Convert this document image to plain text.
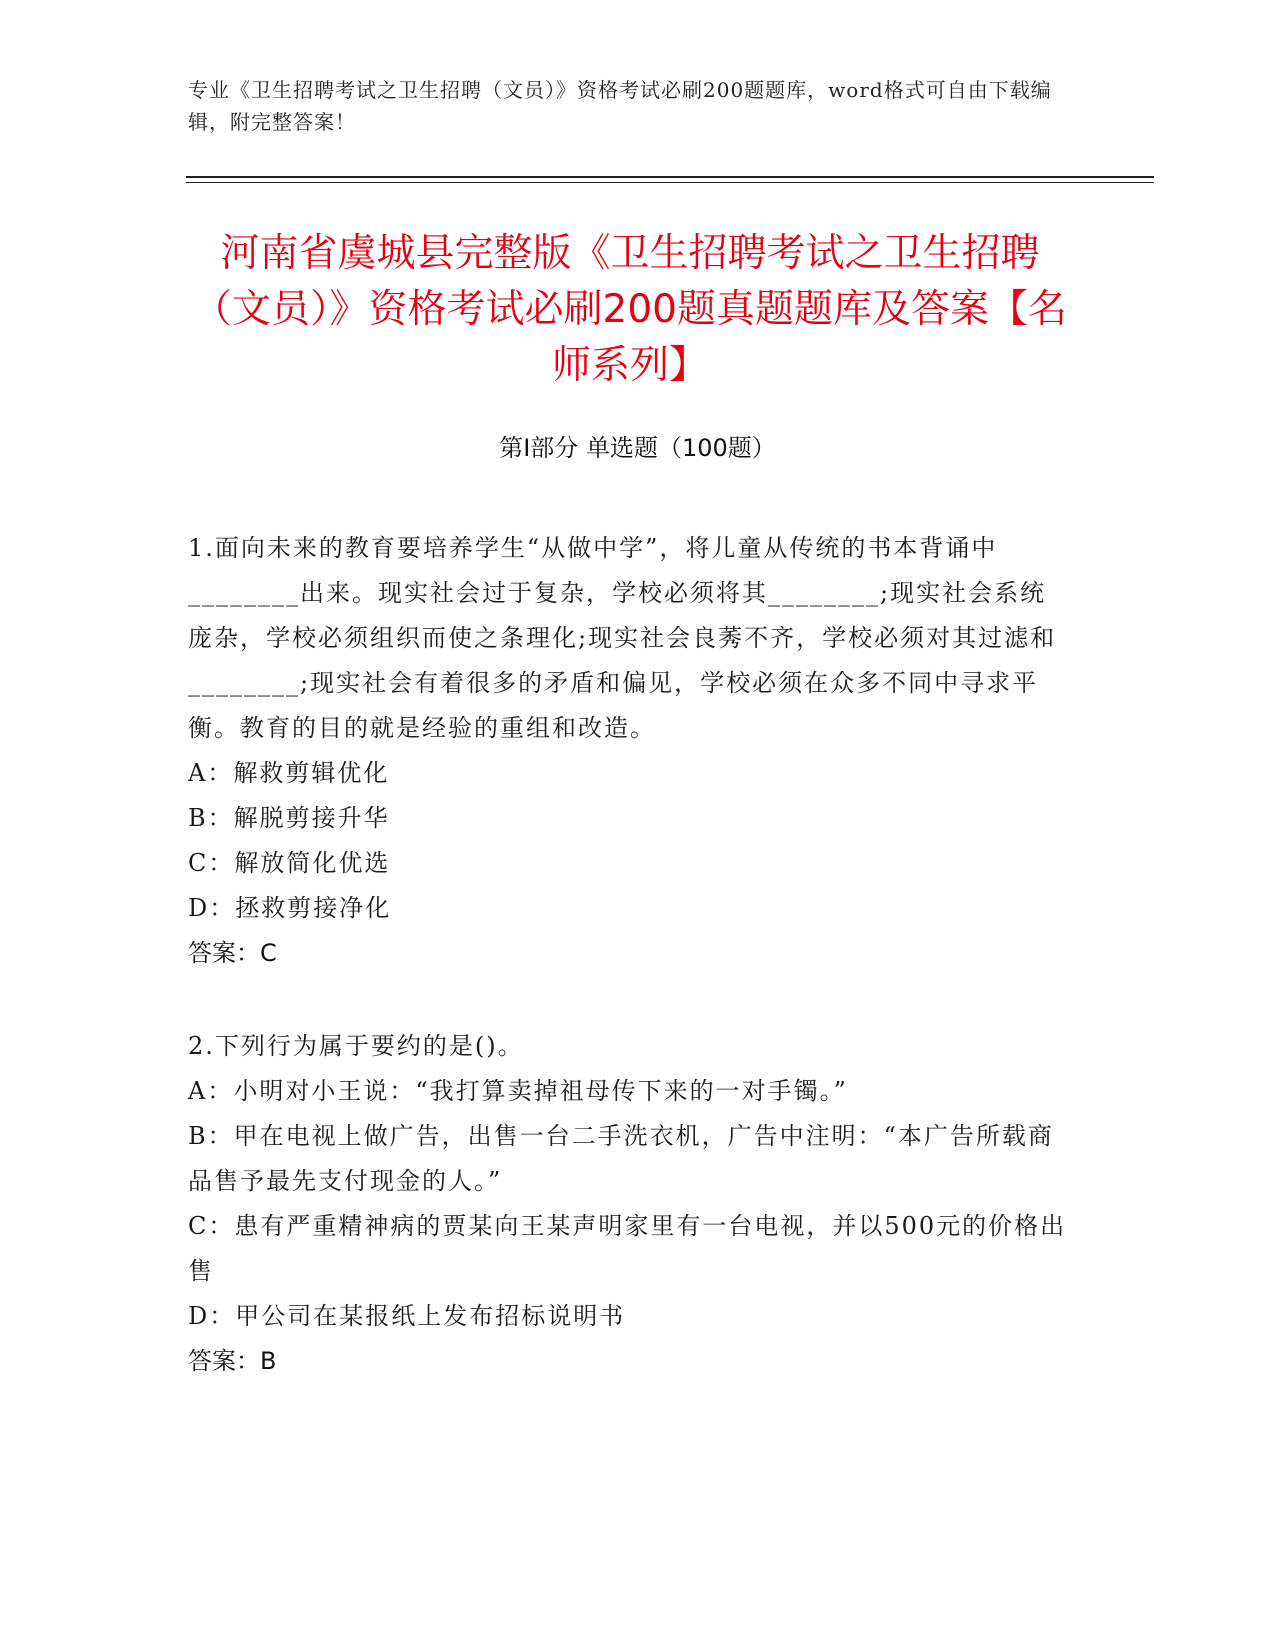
专业《卫生招聘考试之卫生招聘（文员）》资格考试必刷200题题库，word格式可自由下载编辑，附完整答案！
河南省虞城县完整版《卫生招聘考试之卫生招聘（文员）》资格考试必刷200题真题题库及答案【名师系列】
第I部分 单选题（100题）

1.面向未来的教育要培养学生“从做中学”，将儿童从传统的书本背诵中________出来。现实社会过于复杂，学校必须将其________;现实社会系统庞杂，学校必须组织而使之条理化;现实社会良莠不齐，学校必须对其过滤和________;现实社会有着很多的矛盾和偏见，学校必须在众多不同中寻求平衡。教育的目的就是经验的重组和改造。

A：解救剪辑优化

B：解脱剪接升华

C：解放简化优选

D：拯救剪接净化

答案：C

2.下列行为属于要约的是()。

A：小明对小王说：“我打算卖掉祖母传下来的一对手镯。”

B：甲在电视上做广告，出售一台二手洗衣机，广告中注明：“本广告所载商品售予最先支付现金的人。”

C：患有严重精神病的贾某向王某声明家里有一台电视，并以500元的价格出售

D：甲公司在某报纸上发布招标说明书

答案：B
